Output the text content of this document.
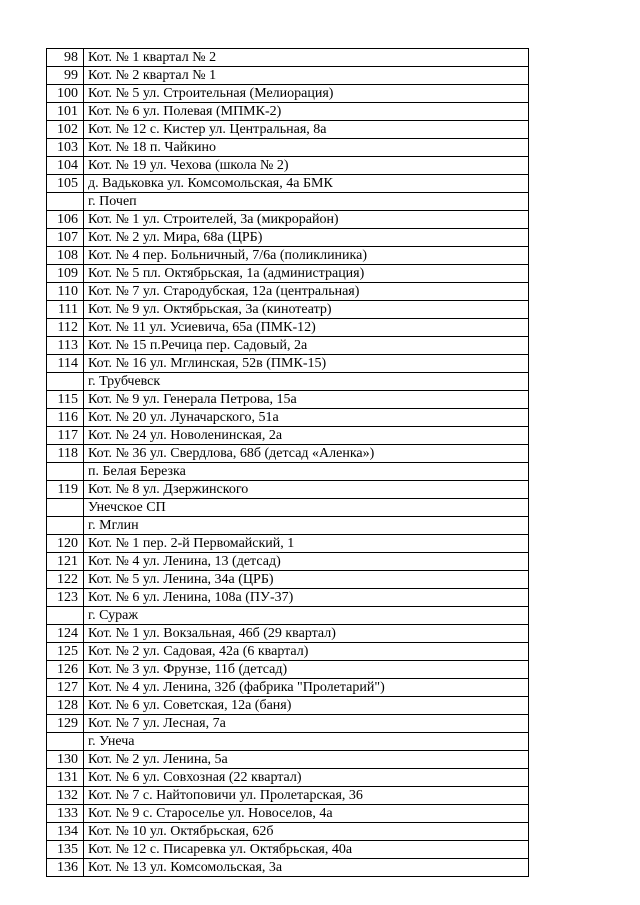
98	Кот. № 1 квартал № 2
99	Кот. № 2 квартал № 1
100	Кот. № 5 ул. Строительная (Мелиорация)
101	Кот. № 6 ул. Полевая (МПМК-2)
102	Кот. № 12 с. Кистер ул. Центральная, 8а
103	Кот. № 18 п. Чайкино
104	Кот. № 19 ул. Чехова (школа № 2)
105	д. Вадьковка ул. Комсомольская, 4а БМК
	г. Почеп
106	Кот. № 1 ул. Строителей, 3а (микрорайон)
107	Кот. № 2 ул. Мира, 68а (ЦРБ)
108	Кот. № 4 пер. Больничный, 7/6а (поликлиника)
109	Кот. № 5 пл. Октябрьская, 1а (администрация)
110	Кот. № 7 ул. Стародубская, 12а (центральная)
111	Кот. № 9 ул. Октябрьская, 3а (кинотеатр)
112	Кот. № 11 ул. Усиевича, 65а (ПМК-12)
113	Кот. № 15 п.Речица пер. Садовый, 2а
114	Кот. № 16 ул. Мглинская, 52в (ПМК-15)
	г. Трубчевск
115	Кот. № 9 ул. Генерала Петрова, 15а
116	Кот. № 20 ул. Луначарского, 51а
117	Кот. № 24 ул. Новоленинская, 2а
118	Кот. № 36 ул. Свердлова, 68б (детсад «Аленка»)
	п. Белая Березка
119	Кот. № 8 ул. Дзержинского
	Унечское СП
	г. Мглин
120	Кот. № 1 пер. 2-й Первомайский, 1
121	Кот. № 4 ул. Ленина, 13 (детсад)
122	Кот. № 5 ул. Ленина, 34а (ЦРБ)
123	Кот. № 6 ул. Ленина, 108а (ПУ-37)
	г. Сураж
124	Кот. № 1 ул. Вокзальная, 46б (29 квартал)
125	Кот. № 2 ул. Садовая, 42а (6 квартал)
126	Кот. № 3 ул. Фрунзе, 11б (детсад)
127	Кот. № 4 ул. Ленина, 32б (фабрика "Пролетарий")
128	Кот. № 6 ул. Советская, 12а (баня)
129	Кот. № 7 ул. Лесная, 7а
	г. Унеча
130	Кот. № 2 ул. Ленина, 5а
131	Кот. № 6 ул. Совхозная (22 квартал)
132	Кот. № 7 с. Найтоповичи ул. Пролетарская, 36
133	Кот. № 9 с. Староселье ул. Новоселов, 4а
134	Кот. № 10 ул. Октябрьская, 62б
135	Кот. № 12 с. Писаревка ул. Октябрьская, 40а
136	Кот. № 13 ул. Комсомольская, 3а
